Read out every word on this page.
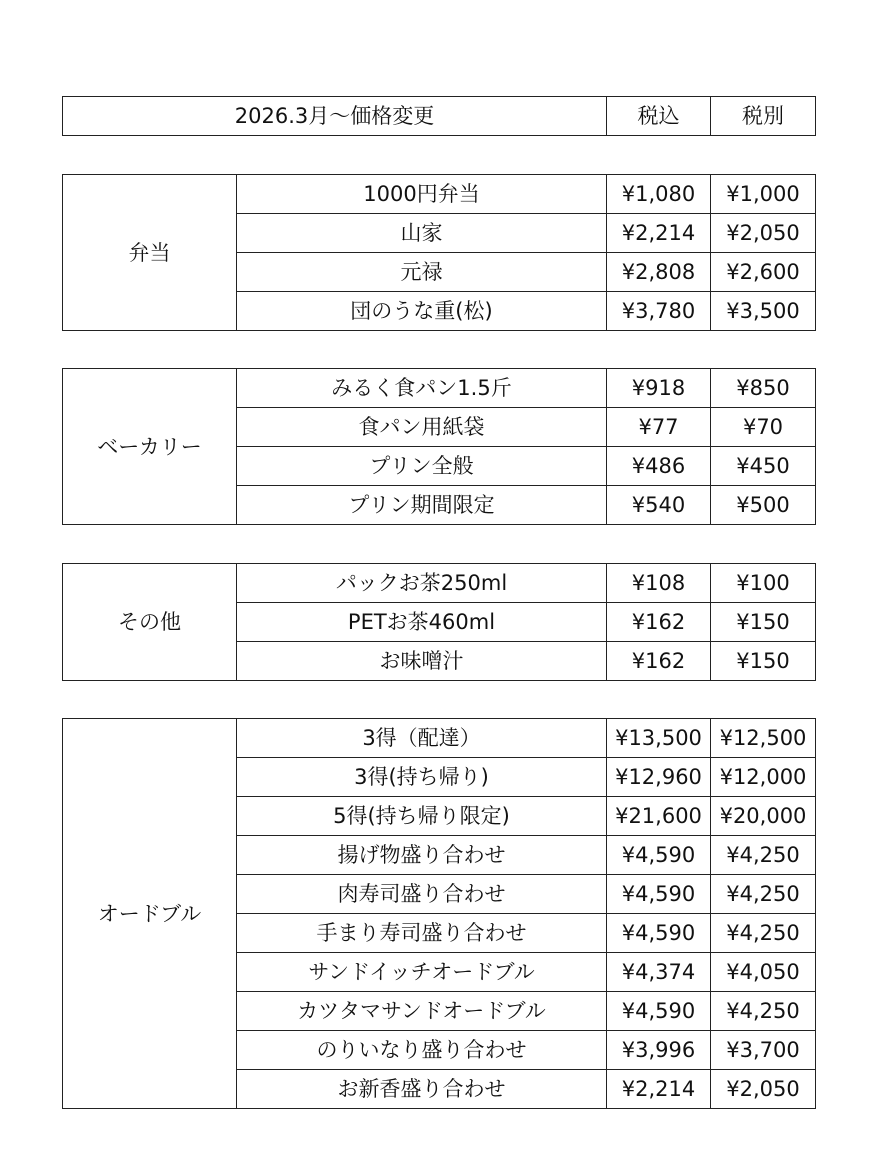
2026.3月～価格変更	税込	税別
弁当	1000円弁当	¥1,080	¥1,000
	山家	¥2,214	¥2,050
	元禄	¥2,808	¥2,600
	団のうな重(松)	¥3,780	¥3,500
ベーカリー	みるく食パン1.5斤	¥918	¥850
	食パン用紙袋	¥77	¥70
	プリン全般	¥486	¥450
	プリン期間限定	¥540	¥500
その他	パックお茶250ml	¥108	¥100
	PETお茶460ml	¥162	¥150
	お味噌汁	¥162	¥150
オードブル	3得（配達）	¥13,500	¥12,500
	3得(持ち帰り)	¥12,960	¥12,000
	5得(持ち帰り限定)	¥21,600	¥20,000
	揚げ物盛り合わせ	¥4,590	¥4,250
	肉寿司盛り合わせ	¥4,590	¥4,250
	手まり寿司盛り合わせ	¥4,590	¥4,250
	サンドイッチオードブル	¥4,374	¥4,050
	カツタマサンドオードブル	¥4,590	¥4,250
	のりいなり盛り合わせ	¥3,996	¥3,700
	お新香盛り合わせ	¥2,214	¥2,050
